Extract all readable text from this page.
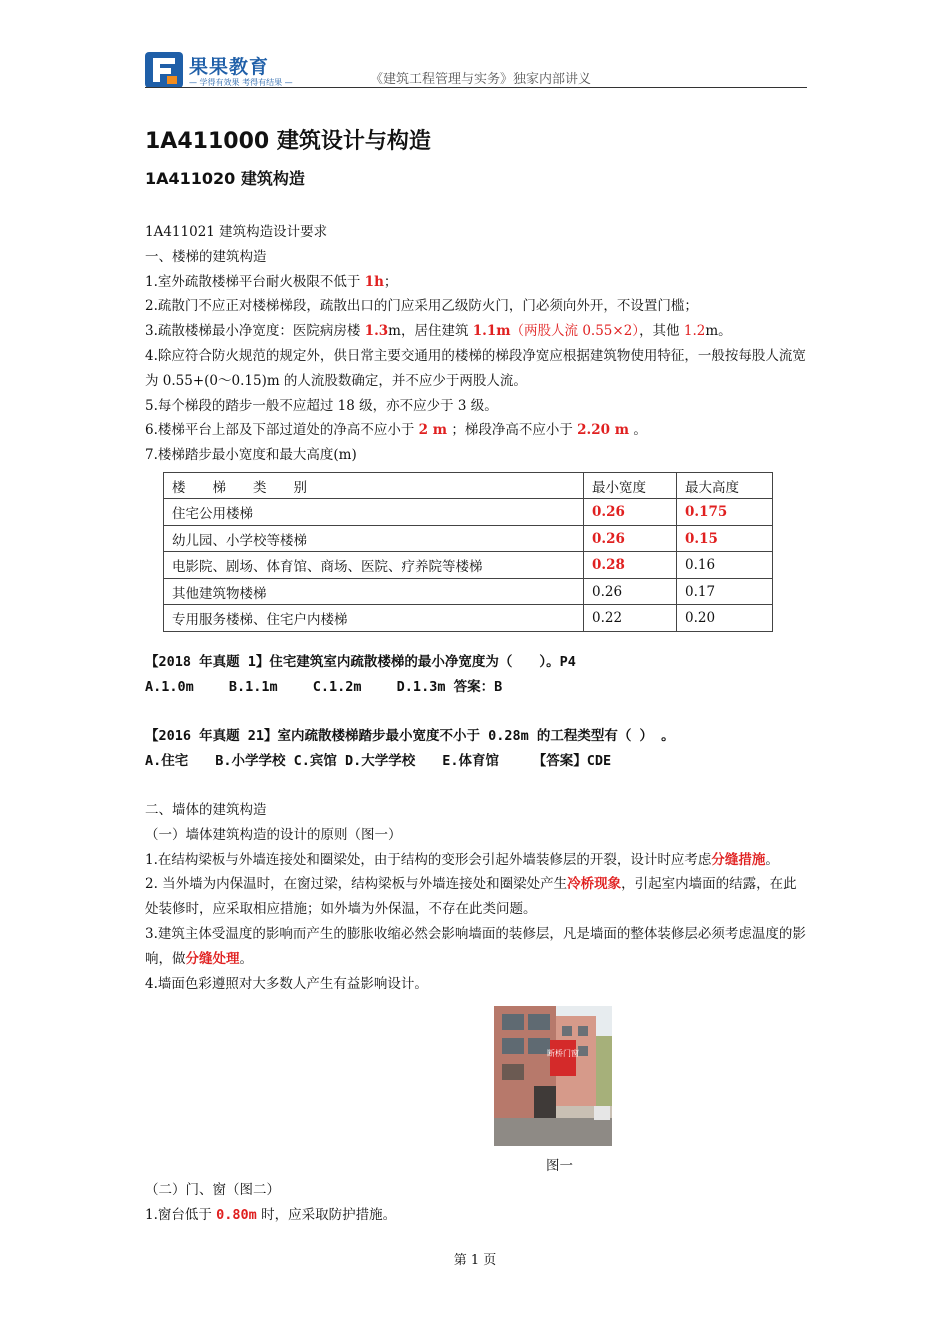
果果教育
— 学得有效果 考得有结果 —	《建筑工程管理与实务》独家内部讲义
1A411000 建筑设计与构造
1A411020 建筑构造
1A411021 建筑构造设计要求
一、楼梯的建筑构造
1.室外疏散楼梯平台耐火极限不低于 1h；
2.疏散门不应正对楼梯梯段，疏散出口的门应采用乙级防火门，门必须向外开，不设置门槛；
3.疏散楼梯最小净宽度：医院病房楼 1.3m，居住建筑 1.1m（两股人流 0.55×2），其他 1.2m。
4.除应符合防火规范的规定外，供日常主要交通用的楼梯的梯段净宽应根据建筑物使用特征，一般按每股人流宽为 0.55+(0～0.15)m 的人流股数确定，并不应少于两股人流。
5.每个梯段的踏步一般不应超过 18 级，亦不应少于 3 级。
6.楼梯平台上部及下部过道处的净高不应小于 2 m ；梯段净高不应小于 2.20 m 。
7.楼梯踏步最小宽度和最大高度(m)
楼　　梯　　类　　别	最小宽度	最大高度
住宅公用楼梯	0.26	0.175
幼儿园、小学校等楼梯	0.26	0.15
电影院、剧场、体育馆、商场、医院、疗养院等楼梯	0.28	0.16
其他建筑物楼梯	0.26	0.17
专用服务楼梯、住宅户内楼梯	0.22	0.20
【2018 年真题 1】住宅建筑室内疏散楼梯的最小净宽度为（　　）。P4
A.1.0m　　 B.1.1m　　 C.1.2m　　 D.1.3m 答案：B
【2016 年真题 21】室内疏散楼梯踏步最小宽度不小于 0.28m 的工程类型有（ ） 。
A.住宅　　B.小学学校 C.宾馆 D.大学学校　　E.体育馆　　　【答案】CDE
二、墙体的建筑构造
（一）墙体建筑构造的设计的原则（图一）
1.在结构梁板与外墙连接处和圈梁处，由于结构的变形会引起外墙装修层的开裂，设计时应考虑分缝措施。
2. 当外墙为内保温时，在窗过梁，结构梁板与外墙连接处和圈梁处产生冷桥现象，引起室内墙面的结露，在此处装修时，应采取相应措施；如外墙为外保温，不存在此类问题。
3.建筑主体受温度的影响而产生的膨胀收缩必然会影响墙面的装修层，凡是墙面的整体装修层必须考虑温度的影响，做分缝处理。
4.墙面色彩遵照对大多数人产生有益影响设计。
断桥门窗
图一
（二）门、窗（图二）
1.窗台低于 0.80m 时，应采取防护措施。
第 1 页
